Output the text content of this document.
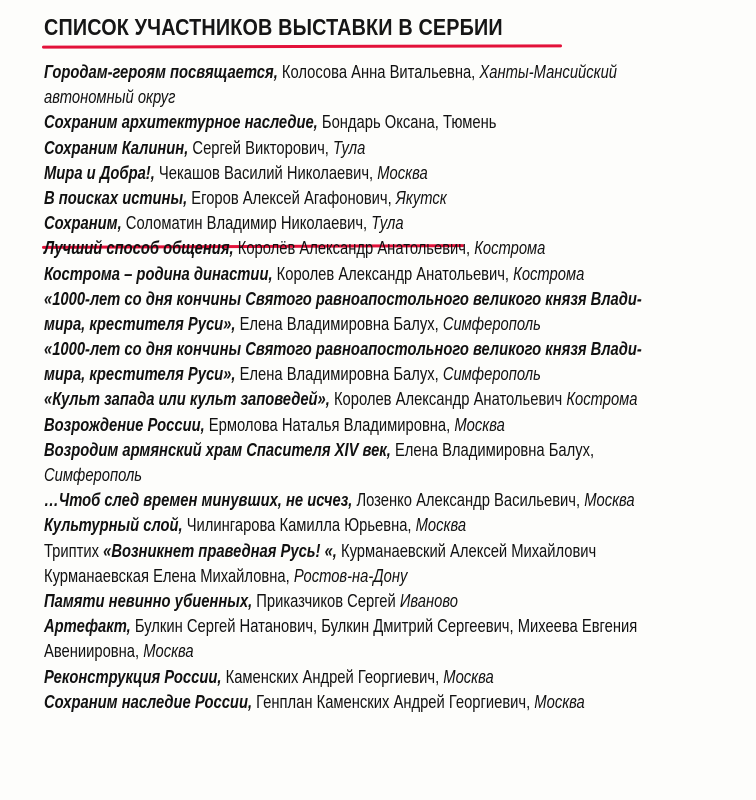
СПИСОК УЧАСТНИКОВ ВЫСТАВКИ В СЕРБИИ
Городам-героям посвящается, Колосова Анна Витальевна, Ханты-Мансийский
автономный округ
Сохраним архитектурное наследие, Бондарь Оксана, Тюмень
Сохраним Калинин, Сергей Викторович, Тула
Мира и Добра!, Чекашов Василий Николаевич, Москва
В поисках истины, Егоров Алексей Агафонович, Якутск
Сохраним, Соломатин Владимир Николаевич, Тула
Лучший способ общения, Королёв Александр Анатольевич, Кострома
Кострома – родина династии, Королев Александр Анатольевич, Кострома
«1000-лет со дня кончины Святого равноапостольного великого князя Влади-
мира, крестителя Руси», Елена Владимировна Балух, Симферополь
«1000-лет со дня кончины Святого равноапостольного великого князя Влади-
мира, крестителя Руси», Елена Владимировна Балух, Симферополь
«Культ запада или культ заповедей», Королев Александр Анатольевич Кострома
Возрождение России, Ермолова Наталья Владимировна, Москва
Возродим армянский храм Спасителя XIV век, Елена Владимировна Балух,
Симферополь
…Чтоб след времен минувших, не исчез, Лозенко Александр Васильевич, Москва
Культурный слой, Чилингарова Камилла Юрьевна, Москва
Триптих «Возникнет праведная Русь! «, Курманаевский Алексей Михайлович
Курманаевская Елена Михайловна, Ростов-на-Дону
Памяти невинно убиенных, Приказчиков Сергей Иваново
Артефакт, Булкин Сергей Натанович, Булкин Дмитрий Сергеевич, Михеева Евгения
Авениировна, Москва
Реконструкция России, Каменских Андрей Георгиевич, Москва
Сохраним наследие России, Генплан Каменских Андрей Георгиевич, Москва
